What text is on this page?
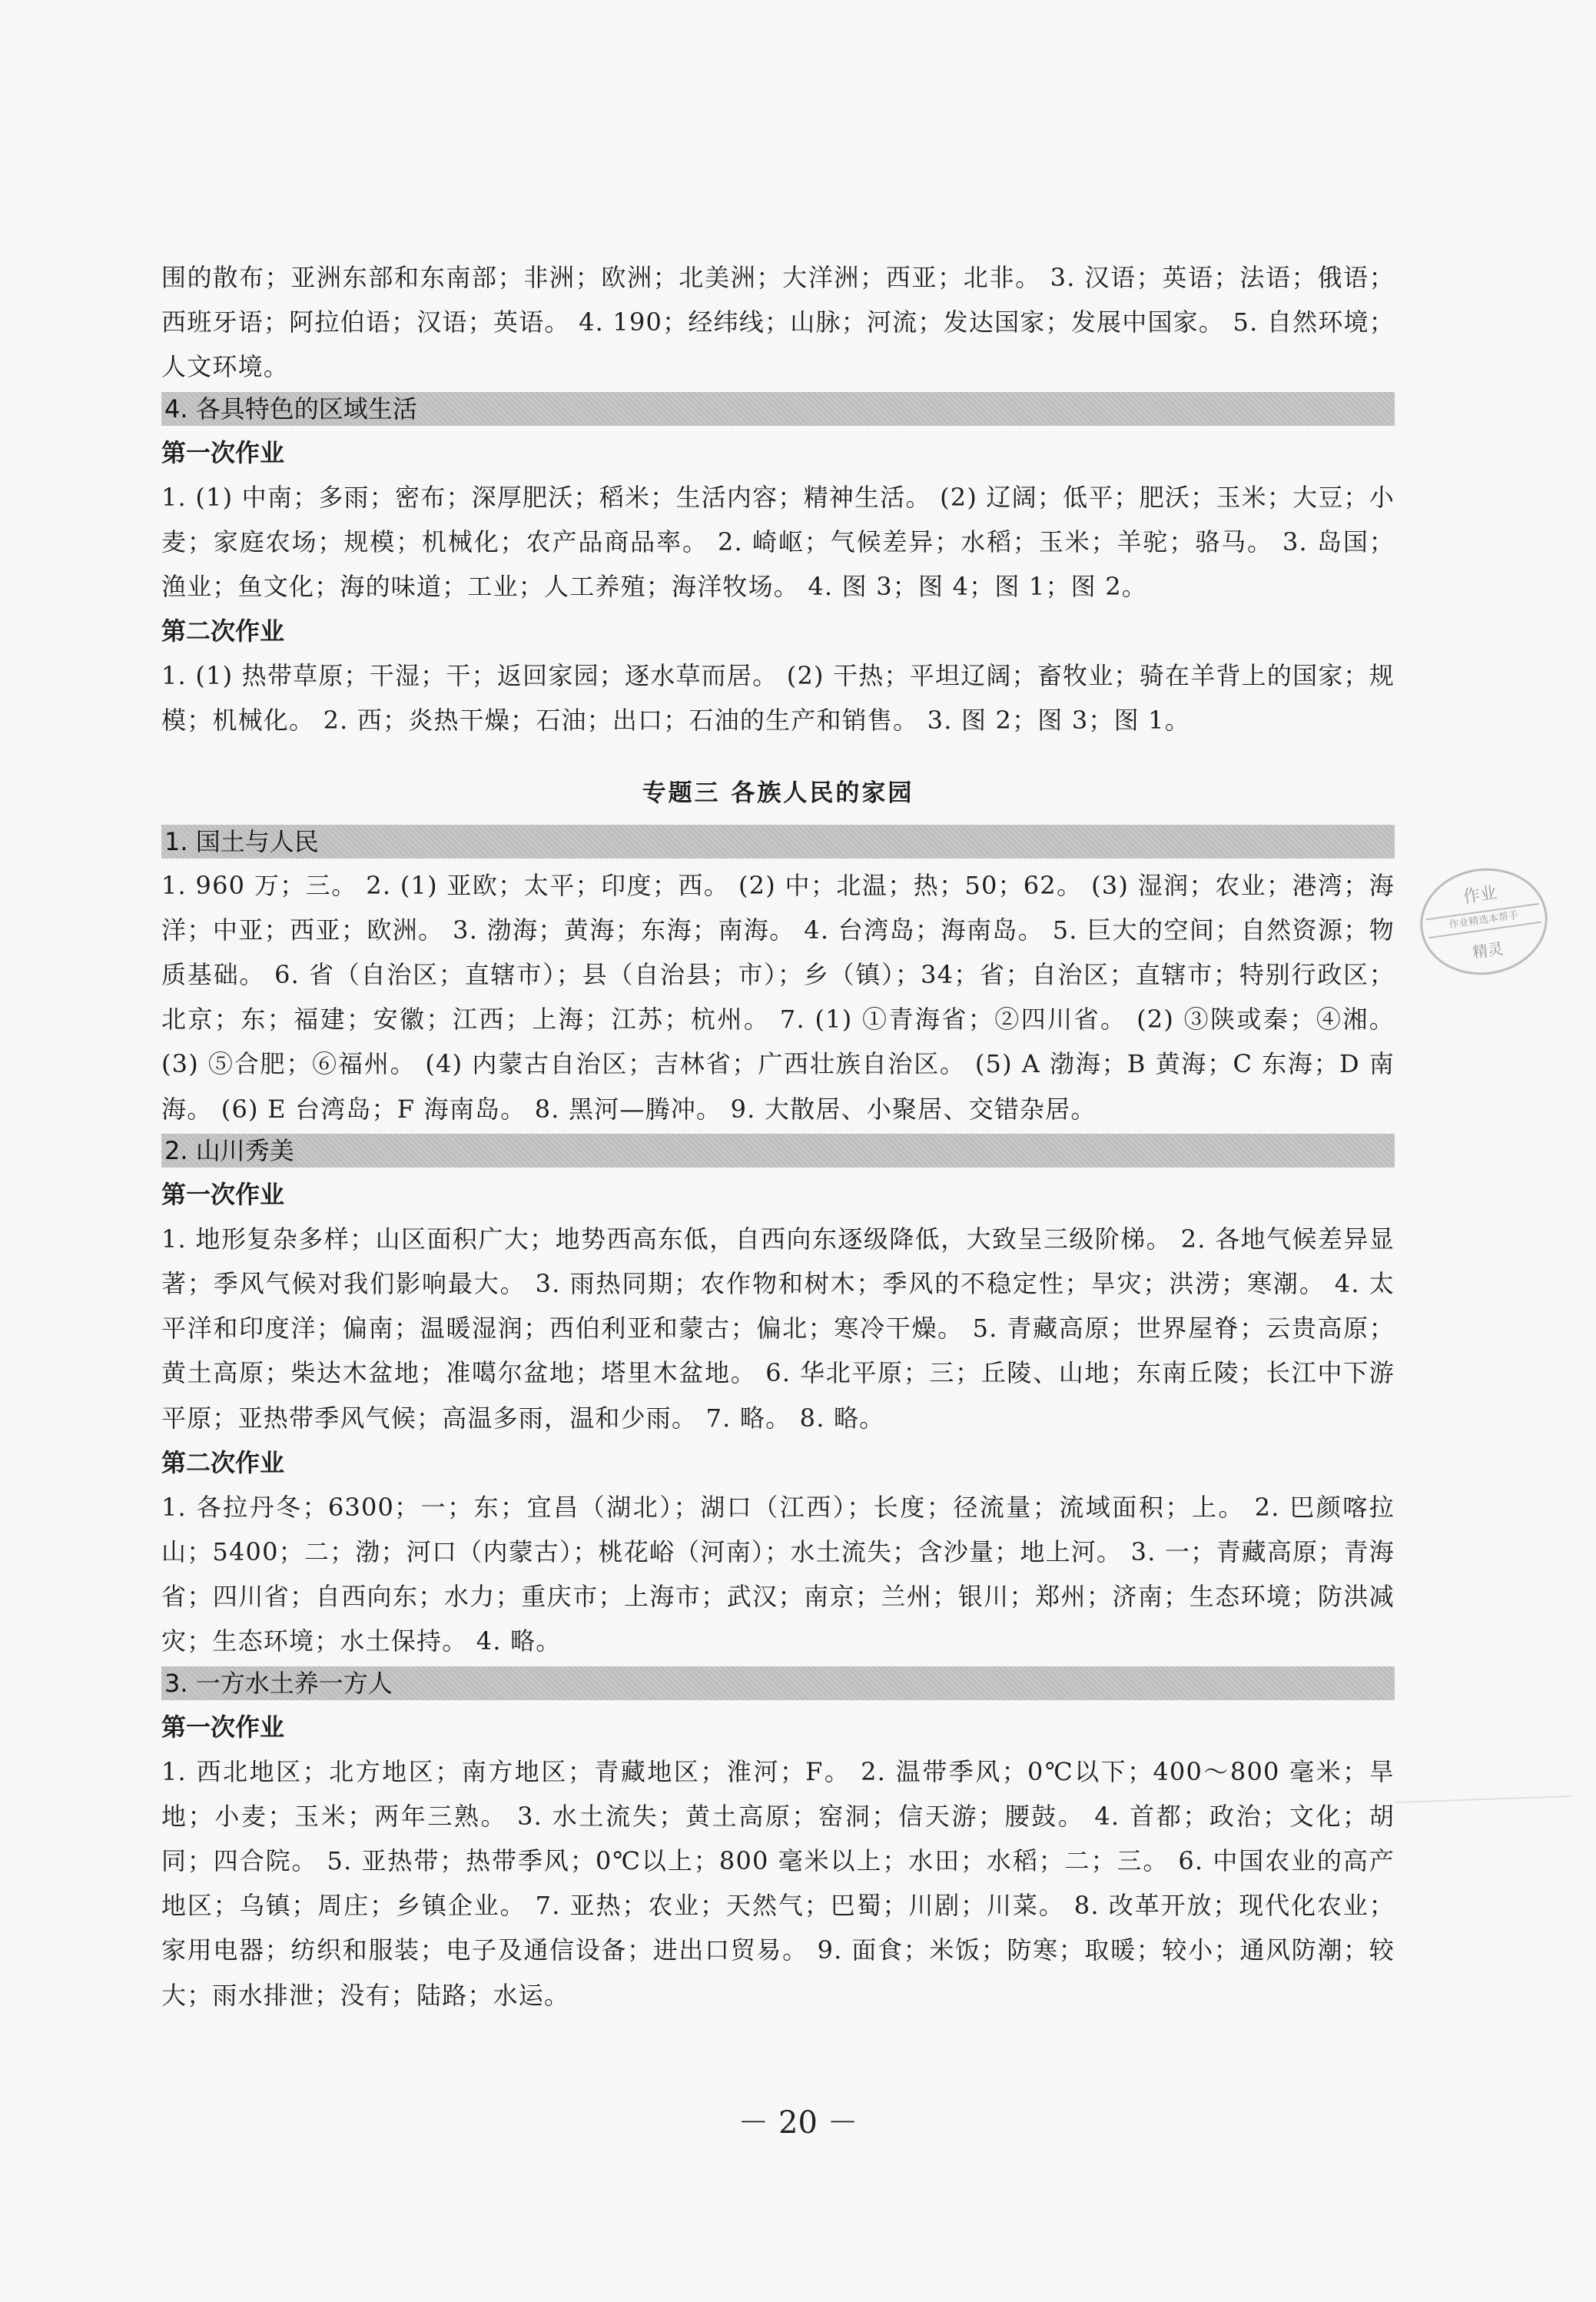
围的散布；亚洲东部和东南部；非洲；欧洲；北美洲；大洋洲；西亚；北非。 3. 汉语；英语；法语；俄语；西班牙语；阿拉伯语；汉语；英语。 4. 190；经纬线；山脉；河流；发达国家；发展中国家。 5. 自然环境；人文环境。

4. 各具特色的区域生活

第一次作业

1. (1) 中南；多雨；密布；深厚肥沃；稻米；生活内容；精神生活。 (2) 辽阔；低平；肥沃；玉米；大豆；小麦；家庭农场；规模；机械化；农产品商品率。 2. 崎岖；气候差异；水稻；玉米；羊驼；骆马。 3. 岛国；渔业；鱼文化；海的味道；工业；人工养殖；海洋牧场。 4. 图 3；图 4；图 1；图 2。

第二次作业

1. (1) 热带草原；干湿；干；返回家园；逐水草而居。 (2) 干热；平坦辽阔；畜牧业；骑在羊背上的国家；规模；机械化。 2. 西；炎热干燥；石油；出口；石油的生产和销售。 3. 图 2；图 3；图 1。

专题三 各族人民的家园
1. 国土与人民

1. 960 万；三。 2. (1) 亚欧；太平；印度；西。 (2) 中；北温；热；50；62。 (3) 湿润；农业；港湾；海洋；中亚；西亚；欧洲。 3. 渤海；黄海；东海；南海。 4. 台湾岛；海南岛。 5. 巨大的空间；自然资源；物质基础。 6. 省（自治区；直辖市）；县（自治县；市）；乡（镇）；34；省；自治区；直辖市；特别行政区；北京；东；福建；安徽；江西；上海；江苏；杭州。 7. (1) ①青海省；②四川省。 (2) ③陕或秦；④湘。 (3) ⑤合肥；⑥福州。 (4) 内蒙古自治区；吉林省；广西壮族自治区。 (5) A 渤海；B 黄海；C 东海；D 南海。 (6) E 台湾岛；F 海南岛。 8. 黑河—腾冲。 9. 大散居、小聚居、交错杂居。

2. 山川秀美

第一次作业

1. 地形复杂多样；山区面积广大；地势西高东低，自西向东逐级降低，大致呈三级阶梯。 2. 各地气候差异显著；季风气候对我们影响最大。 3. 雨热同期；农作物和树木；季风的不稳定性；旱灾；洪涝；寒潮。 4. 太平洋和印度洋；偏南；温暖湿润；西伯利亚和蒙古；偏北；寒冷干燥。 5. 青藏高原；世界屋脊；云贵高原；黄土高原；柴达木盆地；准噶尔盆地；塔里木盆地。 6. 华北平原；三；丘陵、山地；东南丘陵；长江中下游平原；亚热带季风气候；高温多雨，温和少雨。 7. 略。 8. 略。

第二次作业

1. 各拉丹冬；6300；一；东；宜昌（湖北）；湖口（江西）；长度；径流量；流域面积；上。 2. 巴颜喀拉山；5400；二；渤；河口（内蒙古）；桃花峪（河南）；水土流失；含沙量；地上河。 3. 一；青藏高原；青海省；四川省；自西向东；水力；重庆市；上海市；武汉；南京；兰州；银川；郑州；济南；生态环境；防洪减灾；生态环境；水土保持。 4. 略。

3. 一方水土养一方人

第一次作业

1. 西北地区；北方地区；南方地区；青藏地区；淮河；F。 2. 温带季风；0℃以下；400～800 毫米；旱地；小麦；玉米；两年三熟。 3. 水土流失；黄土高原；窑洞；信天游；腰鼓。 4. 首都；政治；文化；胡同；四合院。 5. 亚热带；热带季风；0℃以上；800 毫米以上；水田；水稻；二；三。 6. 中国农业的高产地区；乌镇；周庄；乡镇企业。 7. 亚热；农业；天然气；巴蜀；川剧；川菜。 8. 改革开放；现代化农业；家用电器；纺织和服装；电子及通信设备；进出口贸易。 9. 面食；米饭；防寒；取暖；较小；通风防潮；较大；雨水排泄；没有；陆路；水运。

作业
作业精选本帮手
精灵
－ 20 －
